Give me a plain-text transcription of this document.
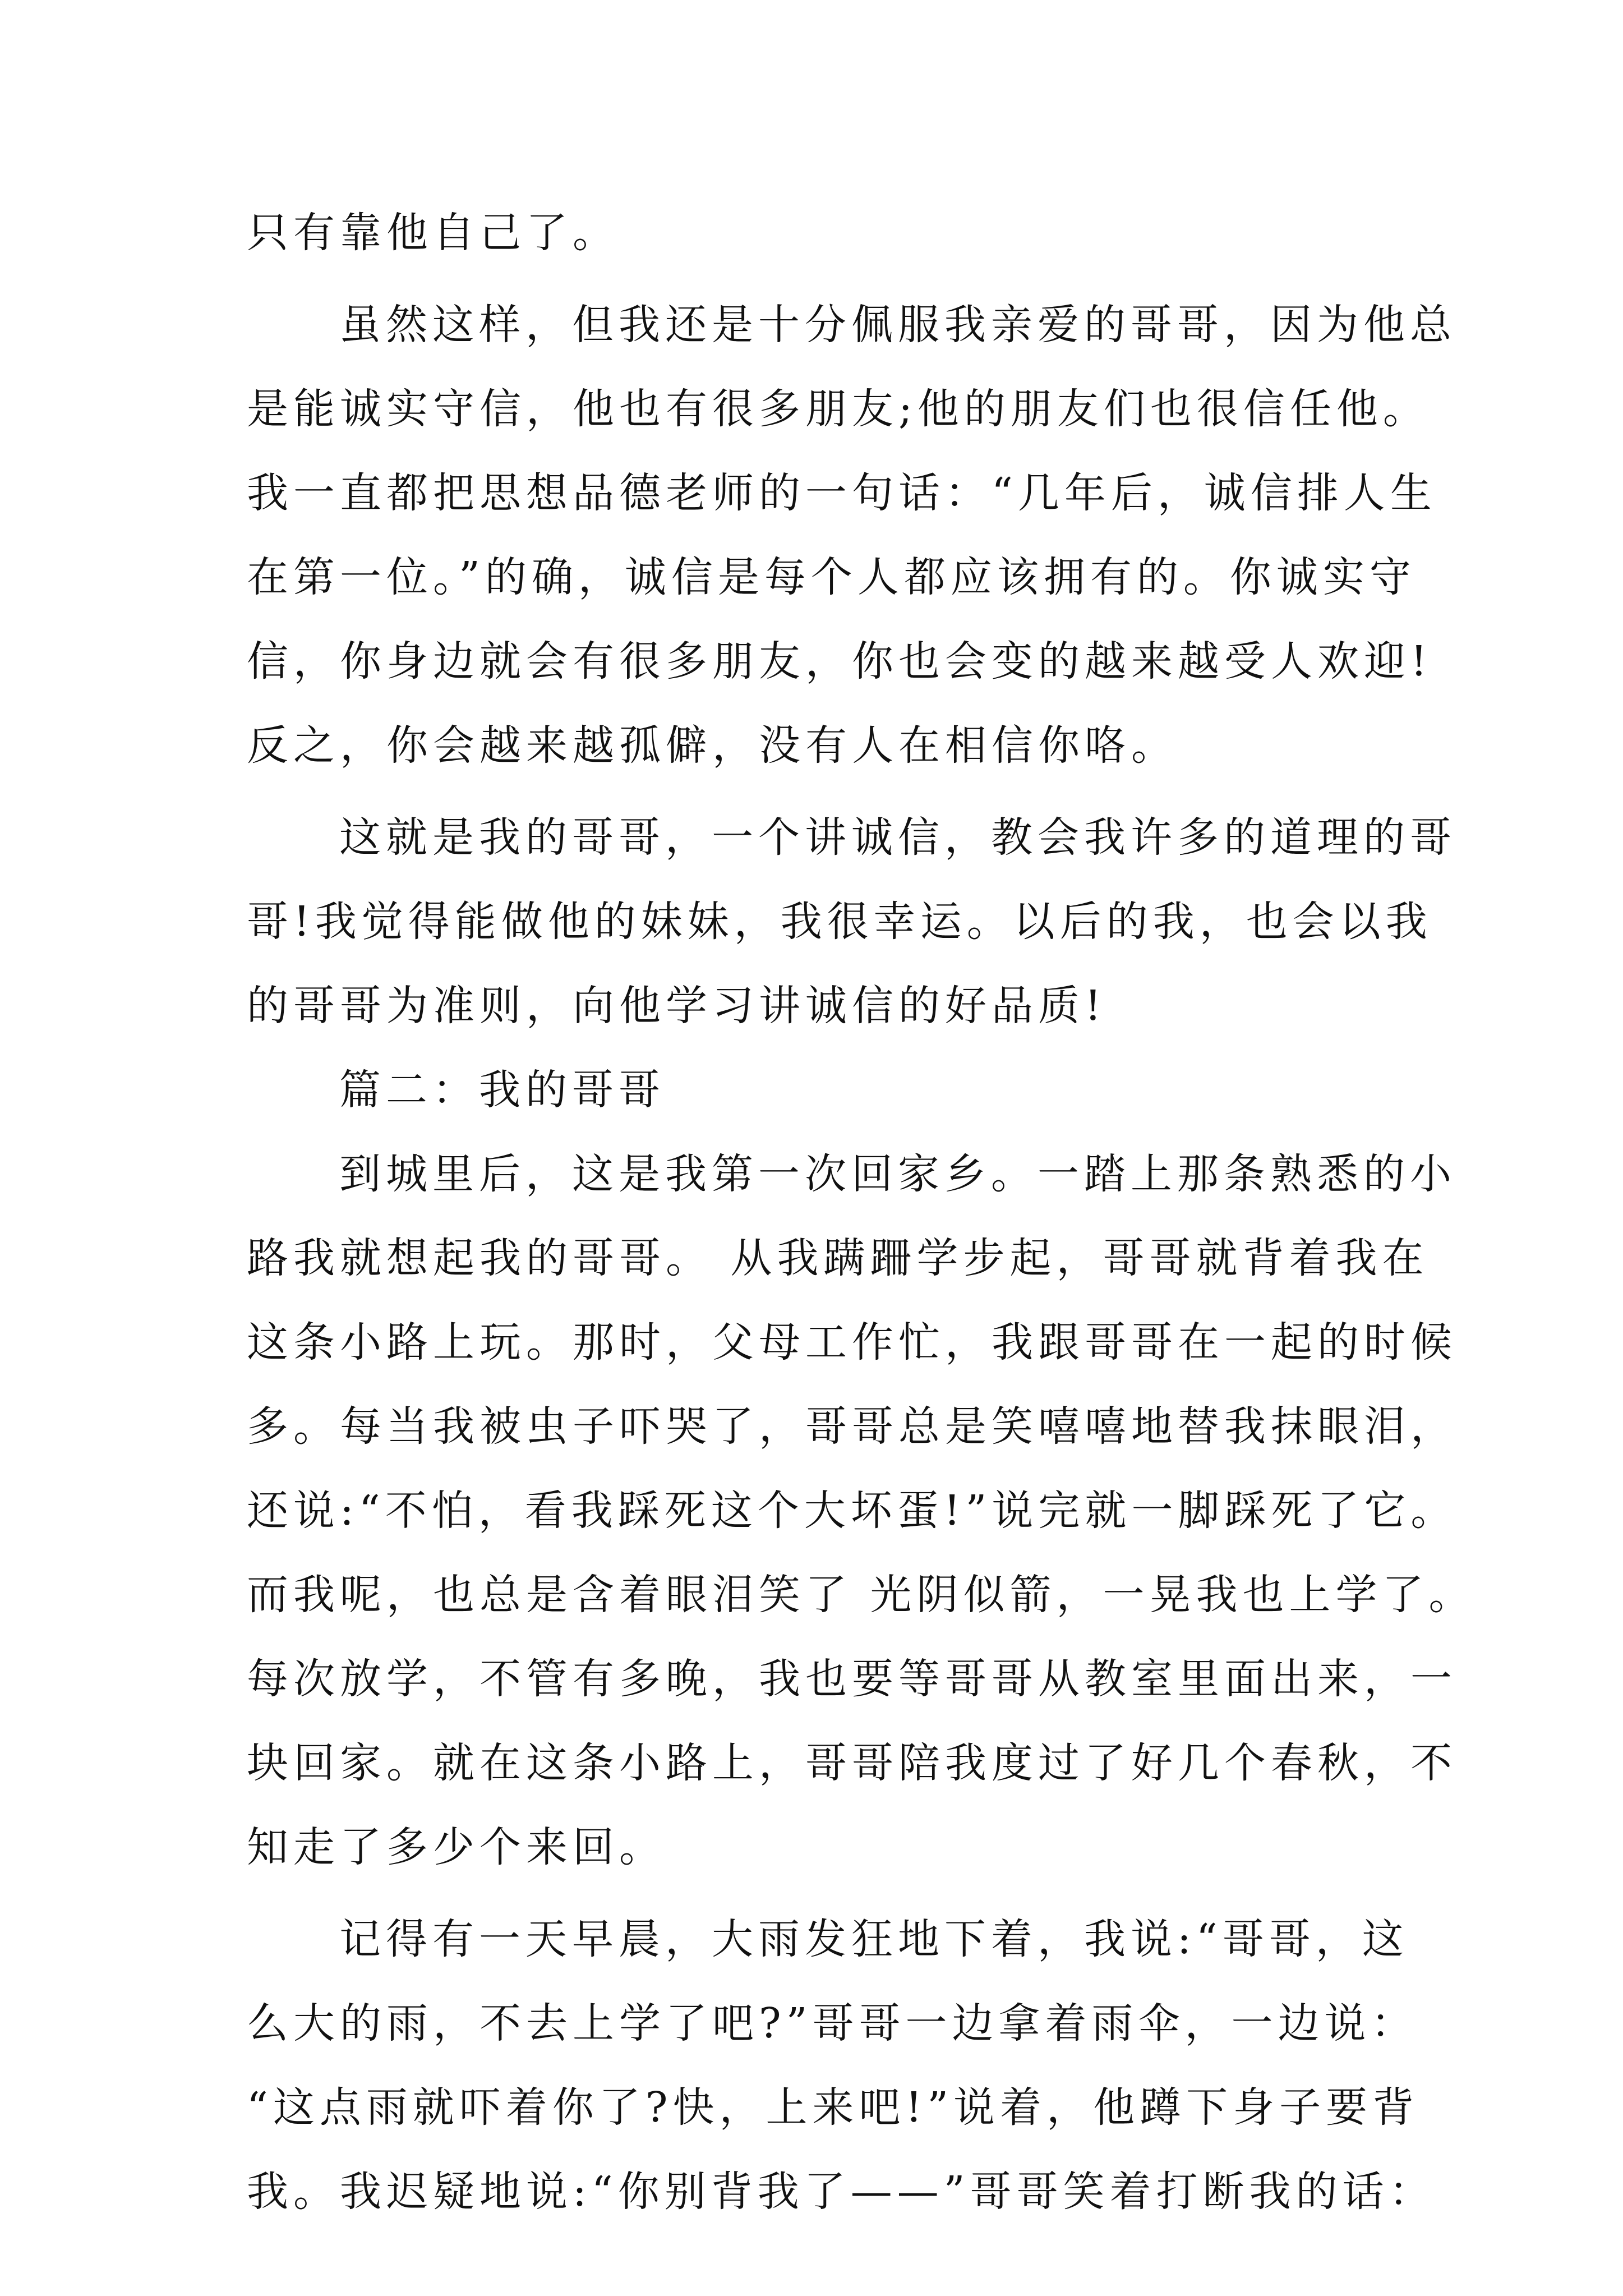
只有靠他自己了。
虽然这样，但我还是十分佩服我亲爱的哥哥，因为他总
是能诚实守信，他也有很多朋友;他的朋友们也很信任他。
我一直都把思想品德老师的一句话：“几年后，诚信排人生
在第一位。”的确，诚信是每个人都应该拥有的。你诚实守
信，你身边就会有很多朋友，你也会变的越来越受人欢迎!
反之，你会越来越孤僻，没有人在相信你咯。
这就是我的哥哥，一个讲诚信，教会我许多的道理的哥
哥!我觉得能做他的妹妹，我很幸运。以后的我，也会以我
的哥哥为准则，向他学习讲诚信的好品质!
篇二：我的哥哥
到城里后，这是我第一次回家乡。一踏上那条熟悉的小
路我就想起我的哥哥。 从我蹒跚学步起，哥哥就背着我在
这条小路上玩。那时，父母工作忙，我跟哥哥在一起的时候
多。每当我被虫子吓哭了，哥哥总是笑嘻嘻地替我抹眼泪，
还说:“不怕，看我踩死这个大坏蛋!”说完就一脚踩死了它。
而我呢，也总是含着眼泪笑了 光阴似箭，一晃我也上学了。
每次放学，不管有多晚，我也要等哥哥从教室里面出来，一
块回家。就在这条小路上，哥哥陪我度过了好几个春秋，不
知走了多少个来回。
记得有一天早晨，大雨发狂地下着，我说:“哥哥，这
么大的雨，不去上学了吧?”哥哥一边拿着雨伞，一边说：
“这点雨就吓着你了?快，上来吧!”说着，他蹲下身子要背
我。我迟疑地说:“你别背我了——”哥哥笑着打断我的话：
